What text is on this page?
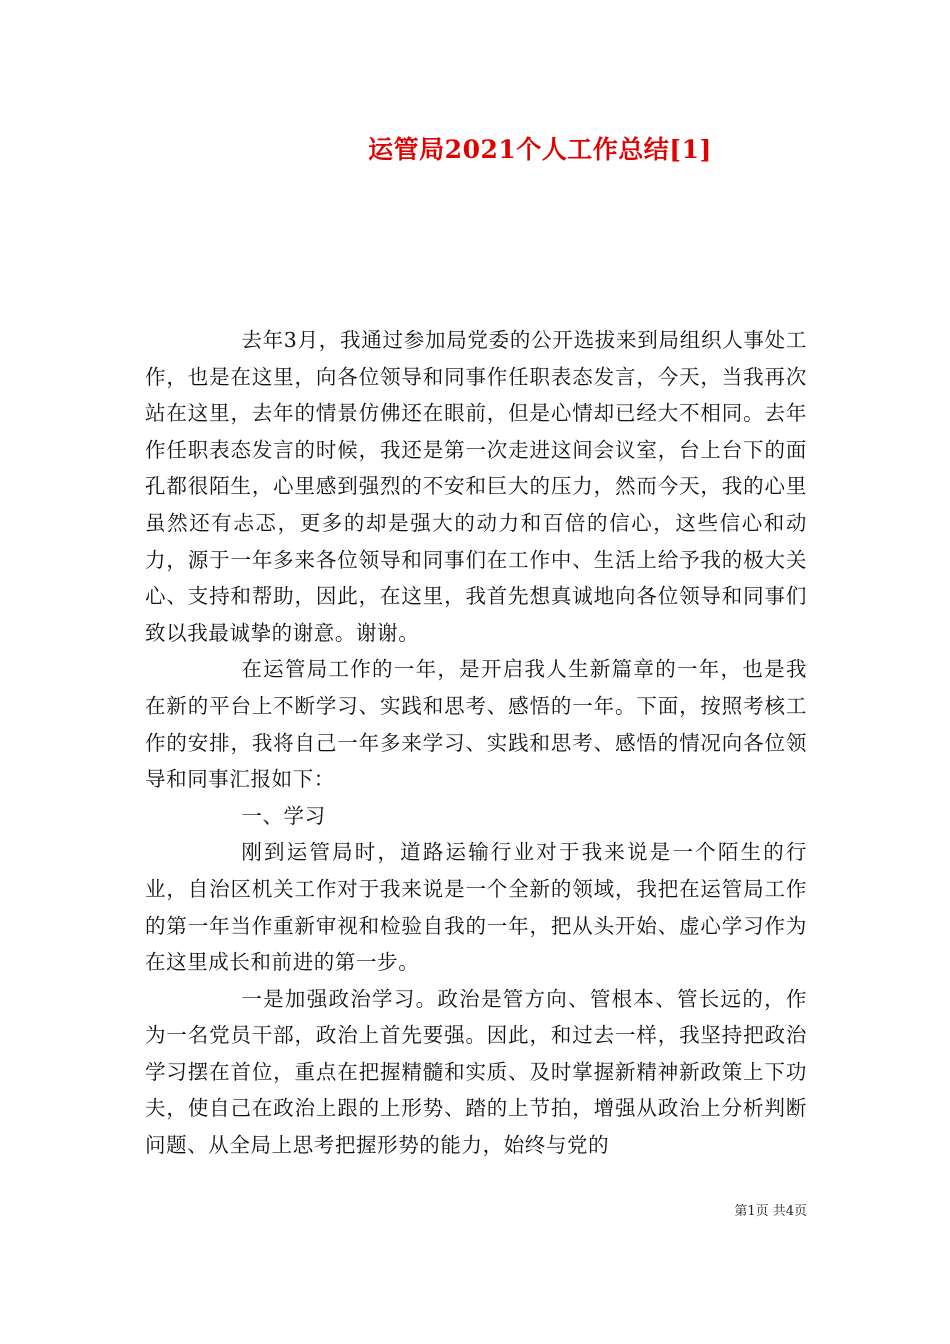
运管局2021个人工作总结[1]

去年3月，我通过参加局党委的公开选拔来到局组织人事处工作，也是在这里，向各位领导和同事作任职表态发言，今天，当我再次站在这里，去年的情景仿佛还在眼前，但是心情却已经大不相同。去年作任职表态发言的时候，我还是第一次走进这间会议室，台上台下的面孔都很陌生，心里感到强烈的不安和巨大的压力，然而今天，我的心里虽然还有忐忑，更多的却是强大的动力和百倍的信心，这些信心和动力，源于一年多来各位领导和同事们在工作中、生活上给予我的极大关心、支持和帮助，因此，在这里，我首先想真诚地向各位领导和同事们致以我最诚挚的谢意。谢谢。

在运管局工作的一年，是开启我人生新篇章的一年，也是我在新的平台上不断学习、实践和思考、感悟的一年。下面，按照考核工作的安排，我将自己一年多来学习、实践和思考、感悟的情况向各位领导和同事汇报如下：

一、学习

刚到运管局时，道路运输行业对于我来说是一个陌生的行业，自治区机关工作对于我来说是一个全新的领域，我把在运管局工作的第一年当作重新审视和检验自我的一年，把从头开始、虚心学习作为在这里成长和前进的第一步。

一是加强政治学习。政治是管方向、管根本、管长远的，作为一名党员干部，政治上首先要强。因此，和过去一样，我坚持把政治学习摆在首位，重点在把握精髓和实质、及时掌握新精神新政策上下功夫，使自己在政治上跟的上形势、踏的上节拍，增强从政治上分析判断问题、从全局上思考把握形势的能力，始终与党的

第1页 共4页
